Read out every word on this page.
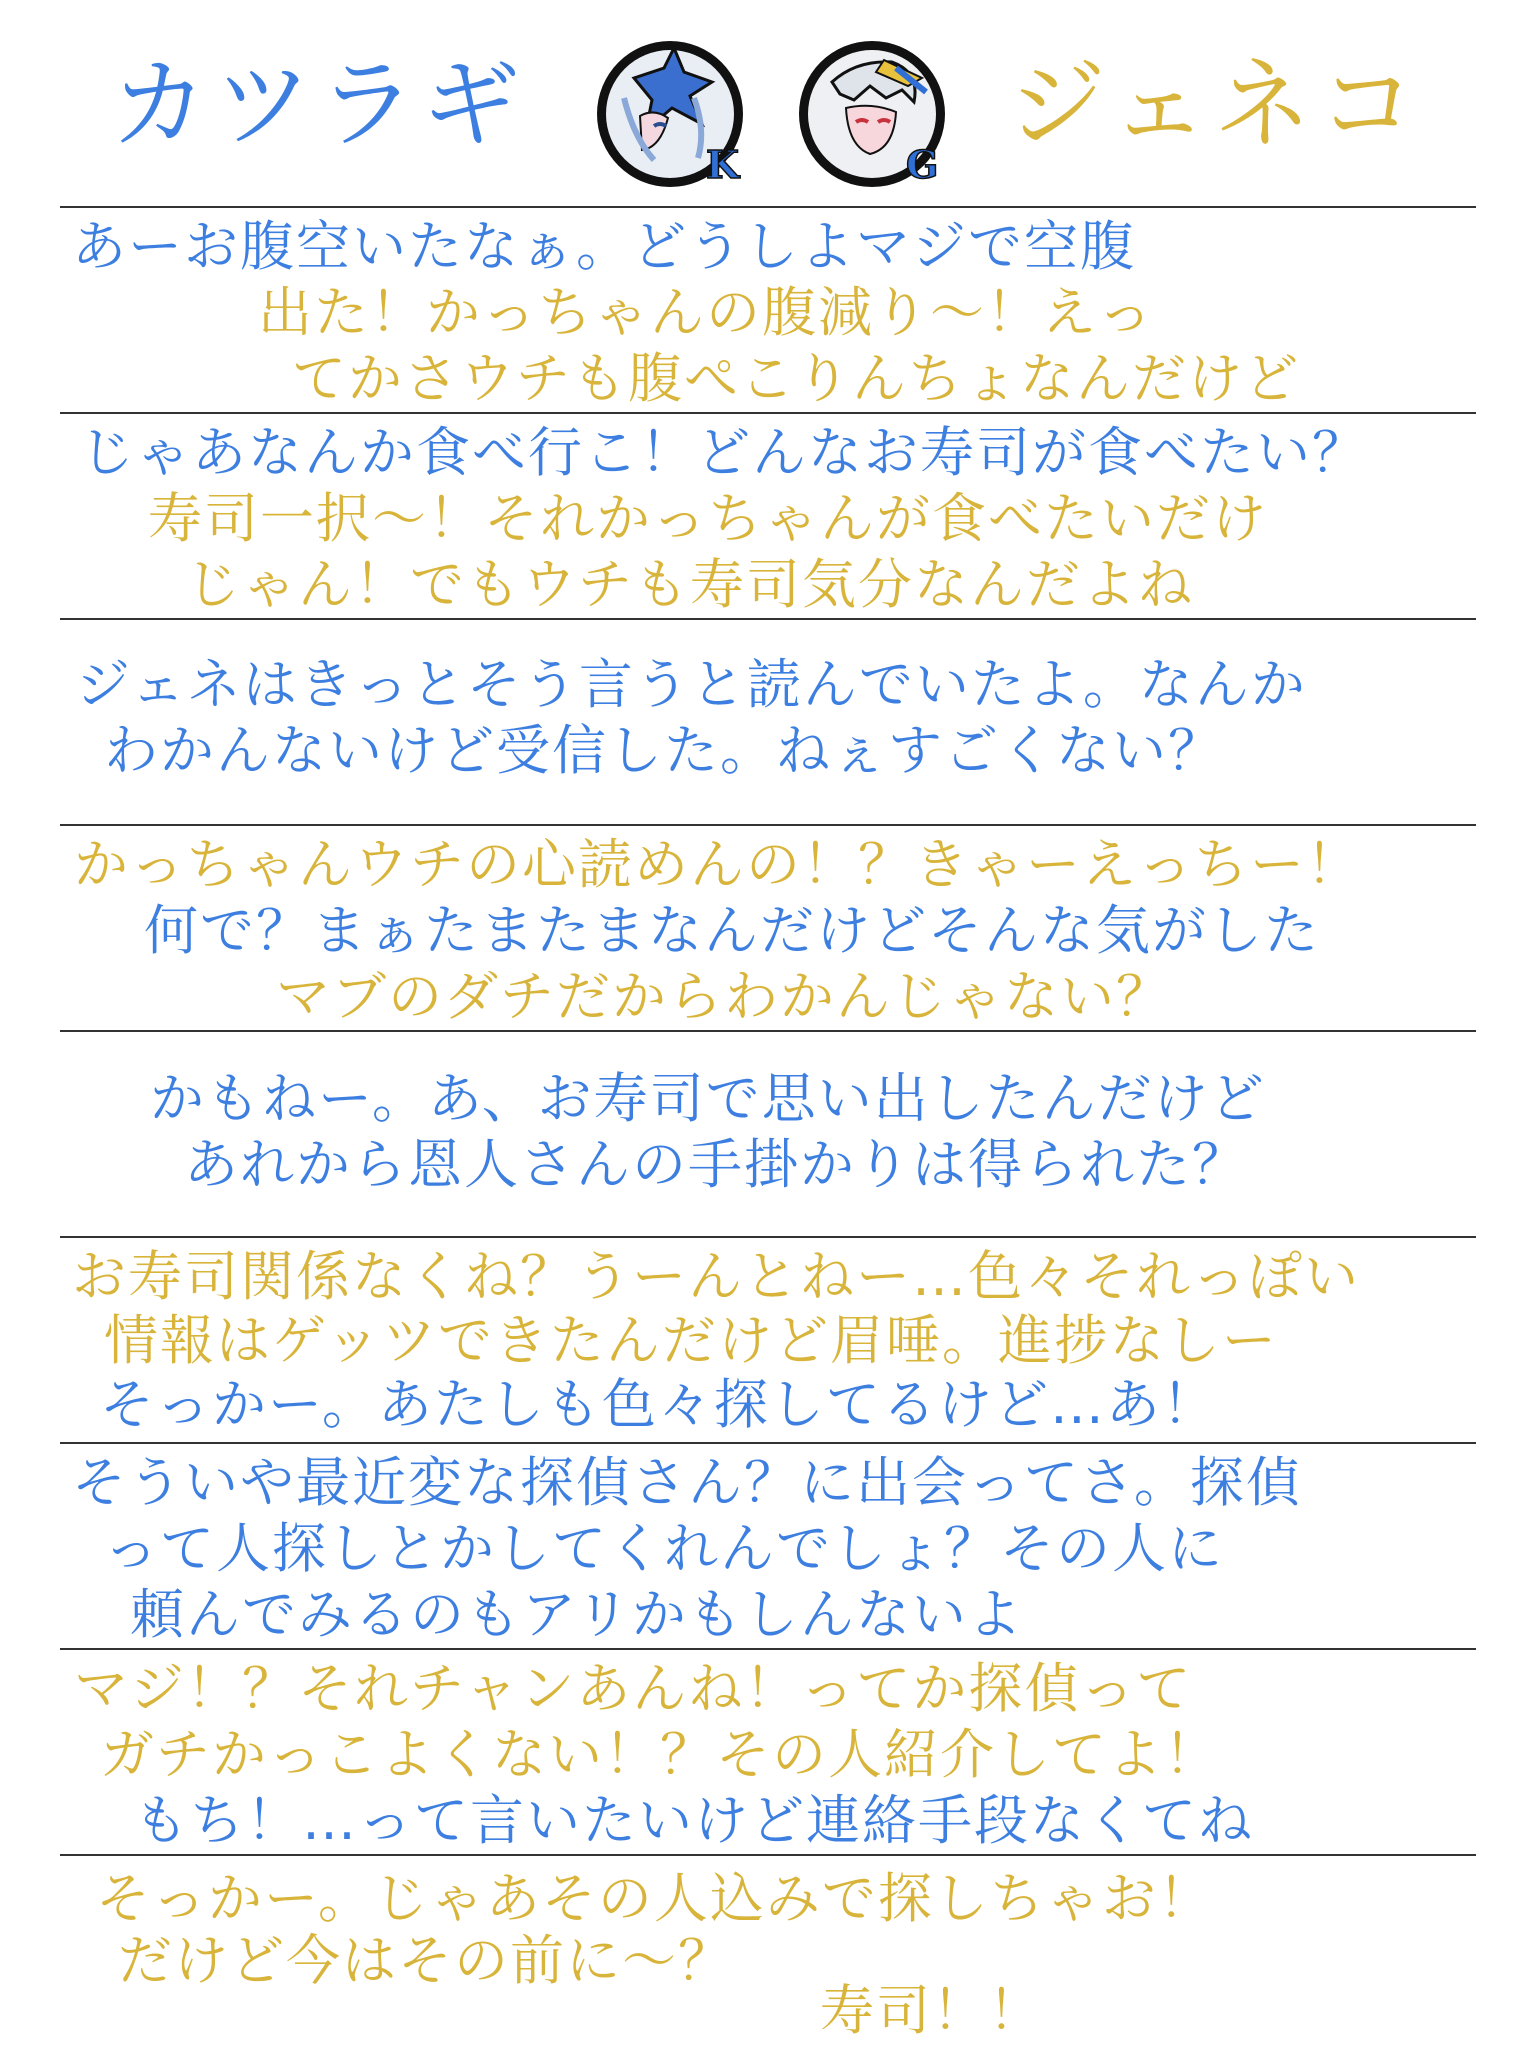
カツラギ
K	G
ジェネコ
あーお腹空いたなぁ。どうしよマジで空腹
出た！かっちゃんの腹減り～！えっ
てかさウチも腹ぺこりんちょなんだけど
じゃあなんか食べ行こ！どんなお寿司が食べたい？
寿司一択～！それかっちゃんが食べたいだけ
じゃん！でもウチも寿司気分なんだよね
ジェネはきっとそう言うと読んでいたよ。なんか
わかんないけど受信した。ねぇすごくない？
かっちゃんウチの心読めんの！？きゃーえっちー！
何で？まぁたまたまなんだけどそんな気がした
マブのダチだからわかんじゃない？
かもねー。あ、お寿司で思い出したんだけど
あれから恩人さんの手掛かりは得られた？
お寿司関係なくね？うーんとねー…色々それっぽい
情報はゲッツできたんだけど眉唾。進捗なしー
そっかー。あたしも色々探してるけど…あ！
そういや最近変な探偵さん？に出会ってさ。探偵
って人探しとかしてくれんでしょ？その人に
頼んでみるのもアリかもしんないよ
マジ！？それチャンあんね！ってか探偵って
ガチかっこよくない！？その人紹介してよ！
もち！…って言いたいけど連絡手段なくてね
そっかー。じゃあその人込みで探しちゃお！
だけど今はその前に～？
寿司！！
